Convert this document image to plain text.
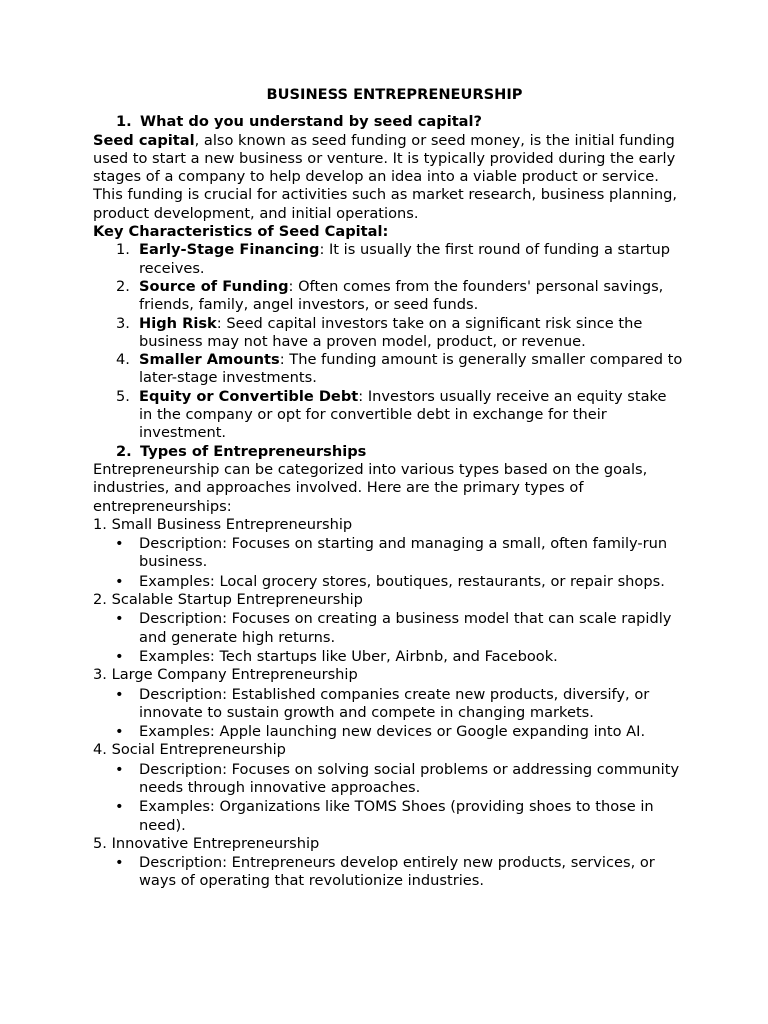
BUSINESS ENTREPRENEURSHIP
1. What do you understand by seed capital?

Seed capital, also known as seed funding or seed money, is the initial funding used to start a new business or venture. It is typically provided during the early stages of a company to help develop an idea into a viable product or service. This funding is crucial for activities such as market research, business planning, product development, and initial operations.

Key Characteristics of Seed Capital:
1. Early-Stage Financing: It is usually the first round of funding a startup receives.
2. Source of Funding: Often comes from the founders' personal savings, friends, family, angel investors, or seed funds.
3. High Risk: Seed capital investors take on a significant risk since the business may not have a proven model, product, or revenue.
4. Smaller Amounts: The funding amount is generally smaller compared to later-stage investments.
5. Equity or Convertible Debt: Investors usually receive an equity stake in the company or opt for convertible debt in exchange for their investment.
2. Types of Entrepreneurships

Entrepreneurship can be categorized into various types based on the goals, industries, and approaches involved. Here are the primary types of entrepreneurships:

1. Small Business Entrepreneurship
• Description: Focuses on starting and managing a small, often family-run business.
• Examples: Local grocery stores, boutiques, restaurants, or repair shops.
2. Scalable Startup Entrepreneurship
• Description: Focuses on creating a business model that can scale rapidly and generate high returns.
• Examples: Tech startups like Uber, Airbnb, and Facebook.
3. Large Company Entrepreneurship
• Description: Established companies create new products, diversify, or innovate to sustain growth and compete in changing markets.
• Examples: Apple launching new devices or Google expanding into AI.
4. Social Entrepreneurship
• Description: Focuses on solving social problems or addressing community needs through innovative approaches.
• Examples: Organizations like TOMS Shoes (providing shoes to those in need).
5. Innovative Entrepreneurship
• Description: Entrepreneurs develop entirely new products, services, or ways of operating that revolutionize industries.
